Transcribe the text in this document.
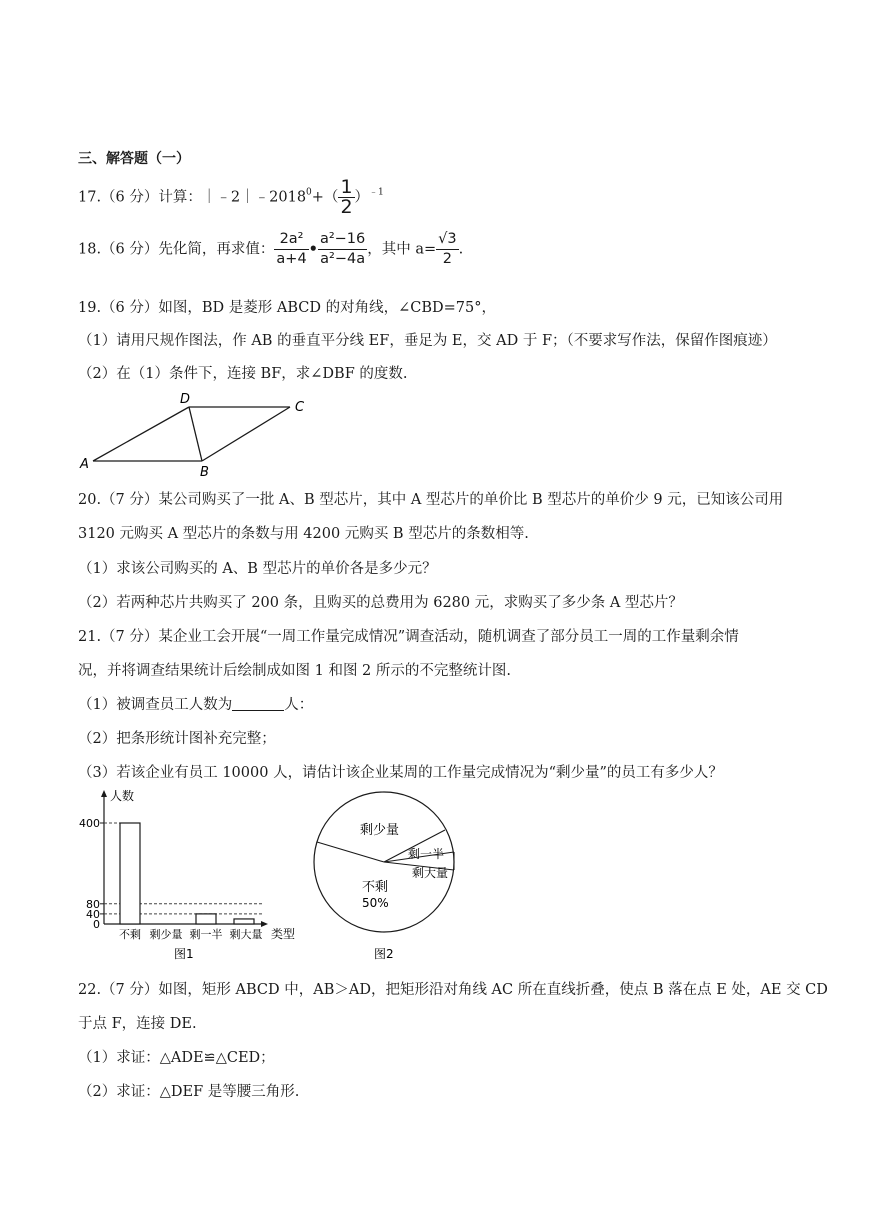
三、解答题（一）
17.（6 分）计算：$|﹣2|﹣2018^0+( \frac{1}{2} )^{﹣1}$
18.（6 分）先化简，再求值： $\frac{\text{2a²}}{a+4}$ • $\frac{\text{a²−16}}{\text{a²−4a}}$ ，其中 $a= \frac{√3}{2}$ .
19.（6 分）如图，BD 是菱形 ABCD 的对角线，∠CBD=75°，
（1）请用尺规作图法，作 AB 的垂直平分线 EF，垂足为 E，交 AD 于 F；（不要求写作法，保留作图痕迹）
（2）在（1）条件下，连接 BF，求∠DBF 的度数.
A
B
C
D
20.（7 分）某公司购买了一批 A、B 型芯片，其中 A 型芯片的单价比 B 型芯片的单价少 9 元，已知该公司用
3120 元购买 A 型芯片的条数与用 4200 元购买 B 型芯片的条数相等.
（1）求该公司购买的 A、B 型芯片的单价各是多少元？
（2）若两种芯片共购买了 200 条，且购买的总费用为 6280 元，求购买了多少条 A 型芯片？
21.（7 分）某企业工会开展“一周工作量完成情况”调查活动，随机调查了部分员工一周的工作量剩余情
况，并将调查结果统计后绘制成如图 1 和图 2 所示的不完整统计图.
（1）被调查员工人数为	人：
（2）把条形统计图补充完整；
（3）若该企业有员工 10000 人，请估计该企业某周的工作量完成情况为“剩少量”的员工有多少人？
人数
类型
400
80
40
0
不剩 剩少量 剩一半 剩大量
图1
剩少量
剩一半
剩大量
不剩
50%
图2
22.（7 分）如图，矩形 ABCD 中，AB＞AD，把矩形沿对角线 AC 所在直线折叠，使点 B 落在点 E 处，AE 交 CD
于点 F，连接 DE.
（1）求证：△ADE≌△CED；
（2）求证：△DEF 是等腰三角形.
